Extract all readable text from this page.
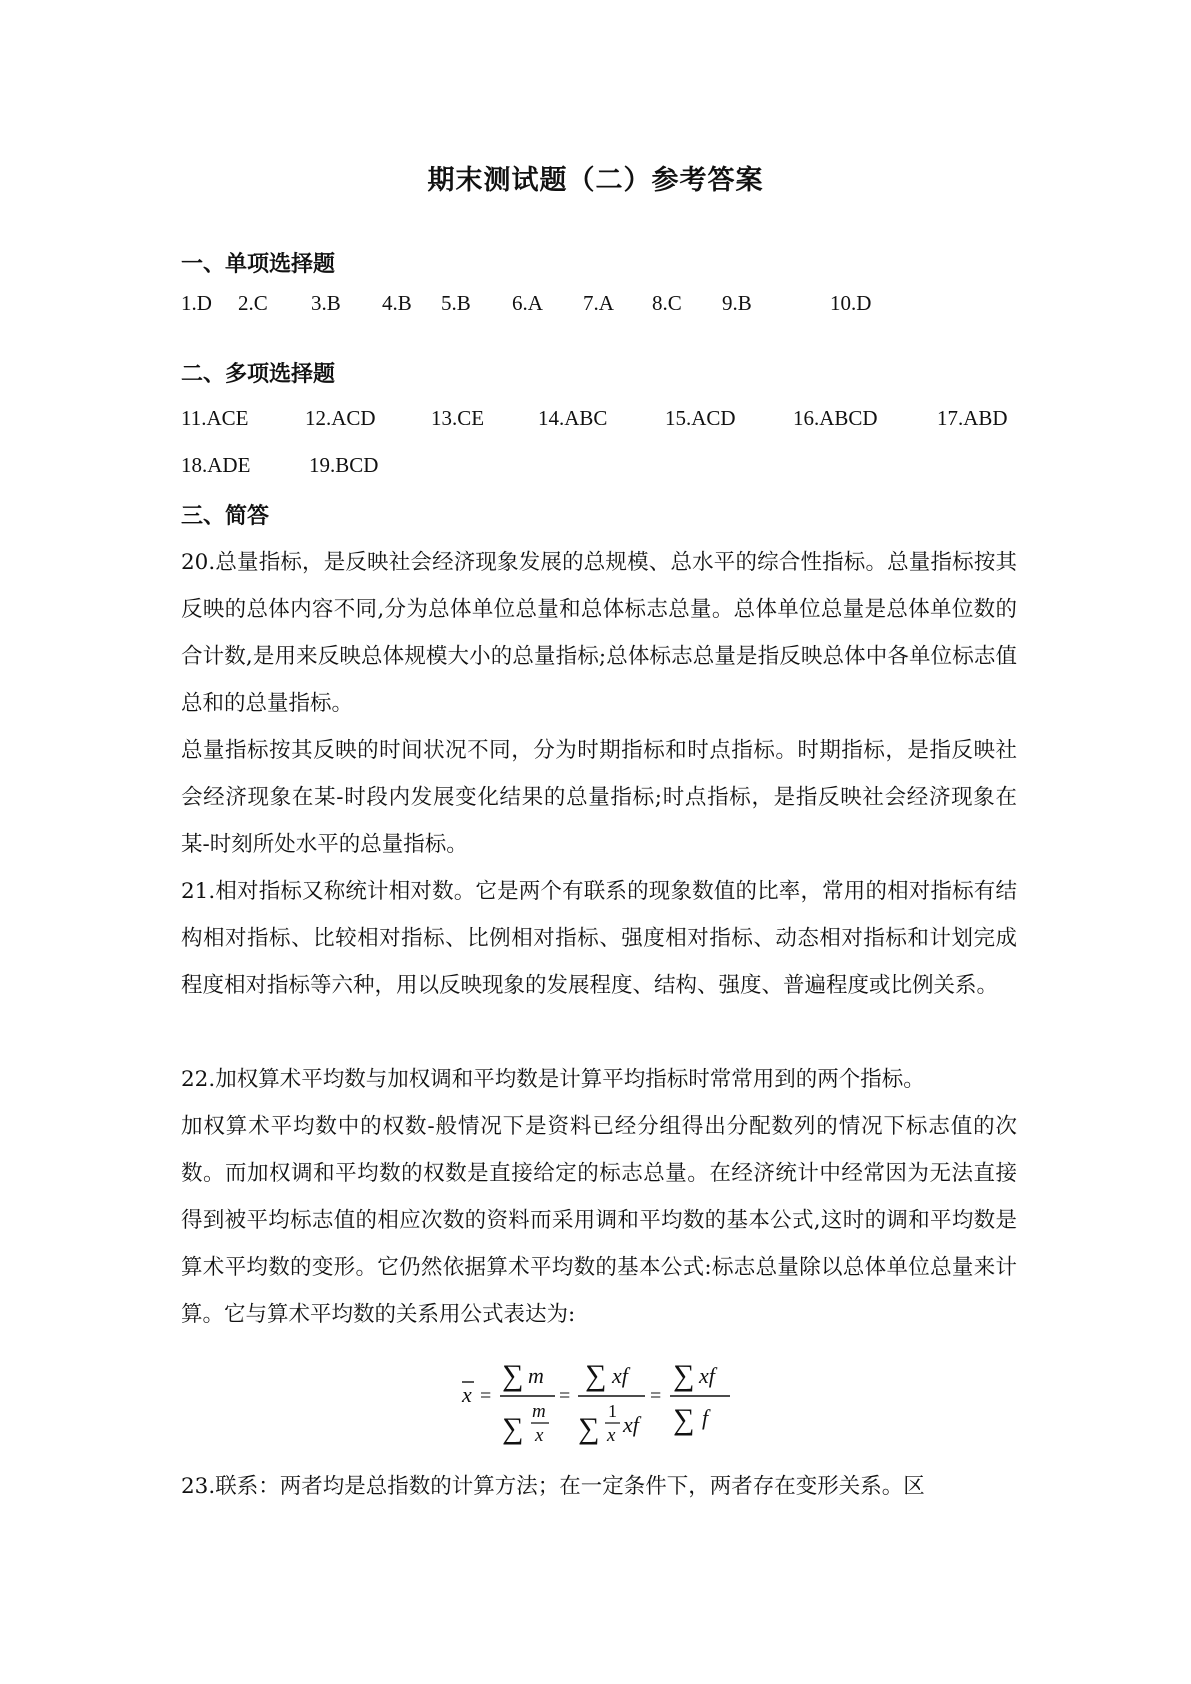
期末测试题（二）参考答案
一、单项选择题
1.D 2.C 3.B 4.B 5.B 6.A 7.A 8.C 9.B	10.D
二、多项选择题
11.ACE	12.ACD	13.CE	14.ABC	15.ACD	16.ABCD	17.ABD
18.ADE	19.BCD
三、简答
20.总量指标，是反映社会经济现象发展的总规模、总水平的综合性指标。总量指标按其反映的总体内容不同,分为总体单位总量和总体标志总量。总体单位总量是总体单位数的合计数,是用来反映总体规模大小的总量指标;总体标志总量是指反映总体中各单位标志值总和的总量指标。
总量指标按其反映的时间状况不同，分为时期指标和时点指标。时期指标，是指反映社会经济现象在某-时段内发展变化结果的总量指标;时点指标，是指反映社会经济现象在某-时刻所处水平的总量指标。
21.相对指标又称统计相对数。它是两个有联系的现象数值的比率，常用的相对指标有结构相对指标、比较相对指标、比例相对指标、强度相对指标、动态相对指标和计划完成程度相对指标等六种，用以反映现象的发展程度、结构、强度、普遍程度或比例关系。
22.加权算术平均数与加权调和平均数是计算平均指标时常常用到的两个指标。
加权算术平均数中的权数-般情况下是资料已经分组得出分配数列的情况下标志值的次数。而加权调和平均数的权数是直接给定的标志总量。在经济统计中经常因为无法直接得到被平均标志值的相应次数的资料而采用调和平均数的基本公式,这时的调和平均数是算术平均数的变形。它仍然依据算术平均数的基本公式:标志总量除以总体单位总量来计算。它与算术平均数的关系用公式表达为:
x =
∑ m
∑
m
x
=
∑ xf
∑
1
x xf
=
∑ xf
∑ f
23.联系：两者均是总指数的计算方法；在一定条件下，两者存在变形关系。区
